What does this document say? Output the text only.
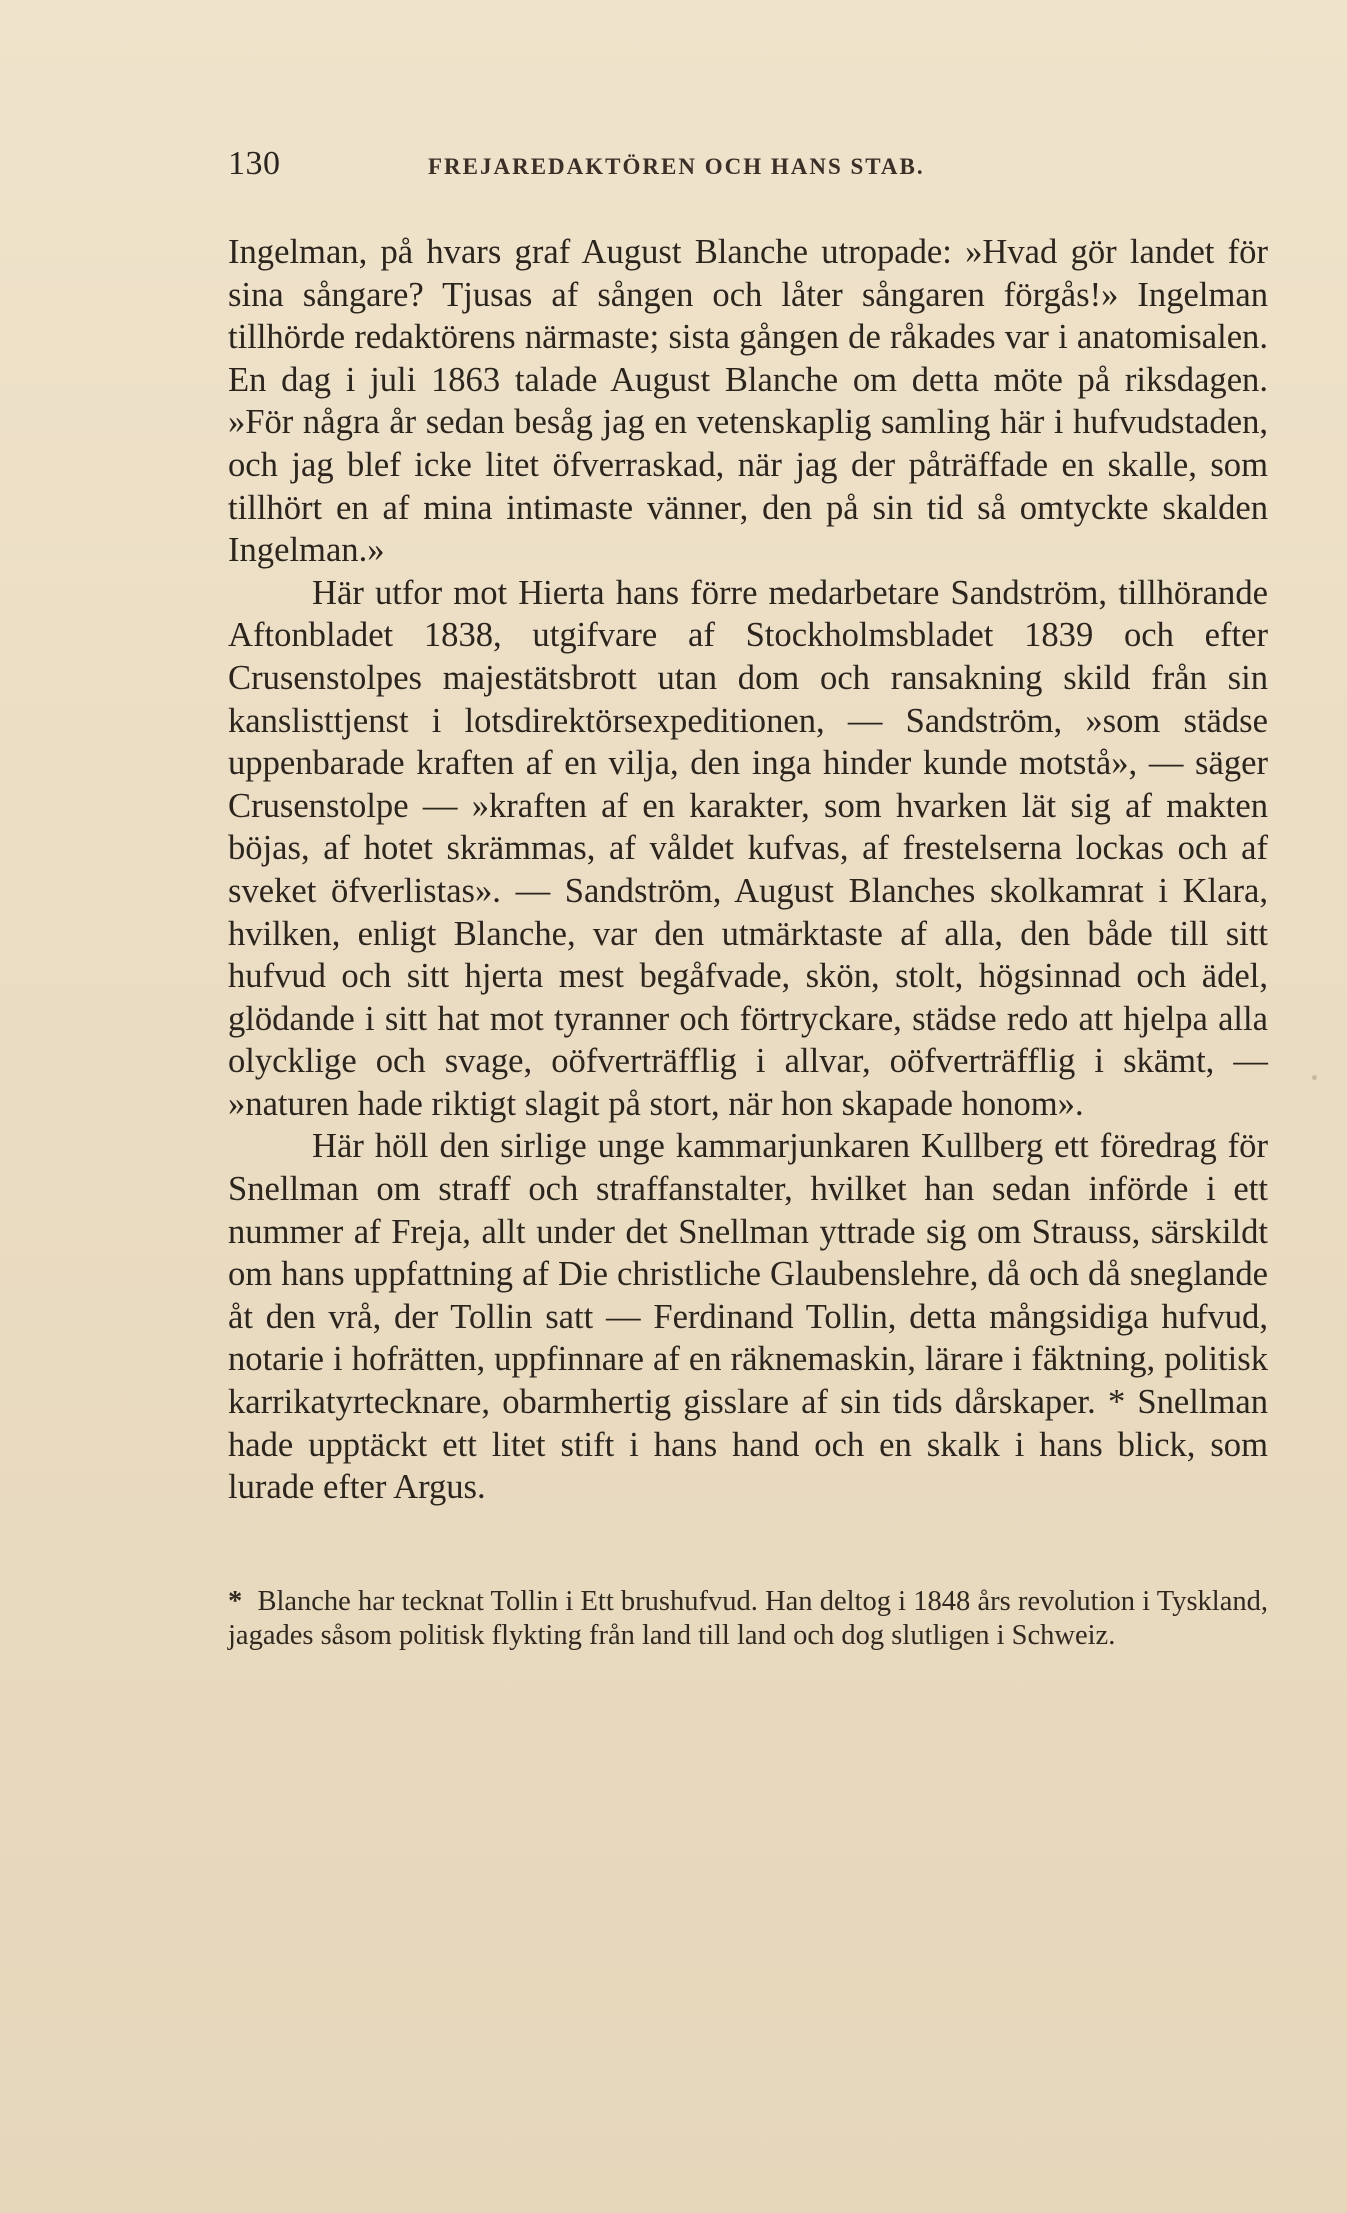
130	FREJAREDAKTÖREN OCH HANS STAB.

Ingelman, på hvars graf August Blanche utropade: »Hvad gör landet för sina sångare? Tjusas af sången och låter sångaren förgås!» Ingelman tillhörde redaktörens närmaste; sista gången de råkades var i anatomisalen. En dag i juli 1863 talade August Blanche om detta möte på riksdagen. »För några år sedan besåg jag en vetenskaplig samling här i hufvudstaden, och jag blef icke litet öfverraskad, när jag der påträffade en skalle, som tillhört en af mina intimaste vänner, den på sin tid så omtyckte skalden Ingelman.»

Här utfor mot Hierta hans förre medarbetare Sandström, tillhörande Aftonbladet 1838, utgifvare af Stockholmsbladet 1839 och efter Crusenstolpes majestätsbrott utan dom och ransakning skild från sin kanslisttjenst i lotsdirektörsexpeditionen, — Sandström, »som städse uppenbarade kraften af en vilja, den inga hinder kunde motstå», — säger Crusenstolpe — »kraften af en karakter, som hvarken lät sig af makten böjas, af hotet skrämmas, af våldet kufvas, af frestelserna lockas och af sveket öfverlistas». — Sandström, August Blanches skolkamrat i Klara, hvilken, enligt Blanche, var den utmärktaste af alla, den både till sitt hufvud och sitt hjerta mest begåfvade, skön, stolt, högsinnad och ädel, glödande i sitt hat mot tyranner och förtryckare, städse redo att hjelpa alla olycklige och svage, oöfverträfflig i allvar, oöfverträfflig i skämt, — »naturen hade riktigt slagit på stort, när hon skapade honom».

Här höll den sirlige unge kammarjunkaren Kullberg ett föredrag för Snellman om straff och straffanstalter, hvilket han sedan införde i ett nummer af Freja, allt under det Snellman yttrade sig om Strauss, särskildt om hans uppfattning af Die christliche Glaubenslehre, då och då sneglande åt den vrå, der Tollin satt — Ferdinand Tollin, detta mångsidiga hufvud, notarie i hofrätten, uppfinnare af en räknemaskin, lärare i fäktning, politisk karrikatyrtecknare, obarmhertig gisslare af sin tids dårskaper. * Snellman hade upptäckt ett litet stift i hans hand och en skalk i hans blick, som lurade efter Argus.

* Blanche har tecknat Tollin i Ett brushufvud. Han deltog i 1848 års revolution i Tyskland, jagades såsom politisk flykting från land till land och dog slutligen i Schweiz.
